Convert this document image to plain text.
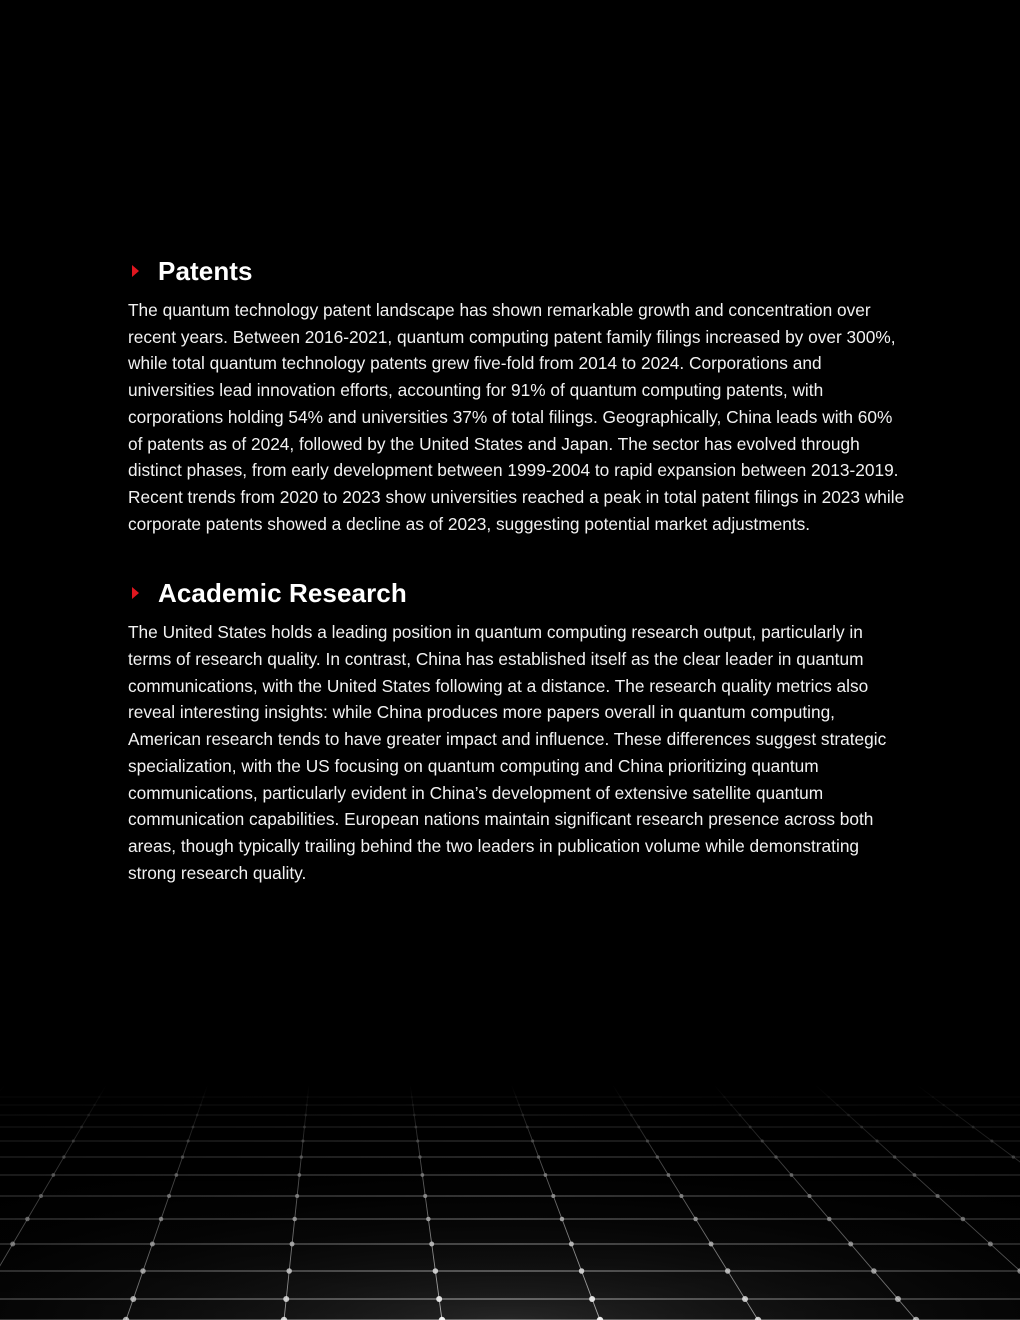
Patents

The quantum technology patent landscape has shown remarkable growth and concentration over recent years. Between 2016-2021, quantum computing patent family filings increased by over 300%, while total quantum technology patents grew five-fold from 2014 to 2024. Corporations and universities lead innovation efforts, accounting for 91% of quantum computing patents, with corporations holding 54% and universities 37% of total filings. Geographically, China leads with 60% of patents as of 2024, followed by the United States and Japan. The sector has evolved through distinct phases, from early development between 1999-2004 to rapid expansion between 2013-2019. Recent trends from 2020 to 2023 show universities reached a peak in total patent filings in 2023 while corporate patents showed a decline as of 2023, suggesting potential market adjustments.

Academic Research

The United States holds a leading position in quantum computing research output, particularly in terms of research quality. In contrast, China has established itself as the clear leader in quantum communications, with the United States following at a distance. The research quality metrics also reveal interesting insights: while China produces more papers overall in quantum computing, American research tends to have greater impact and influence. These differences suggest strategic specialization, with the US focusing on quantum computing and China prioritizing quantum communications, particularly evident in China’s development of extensive satellite quantum communication capabilities. European nations maintain significant research presence across both areas, though typically trailing behind the two leaders in publication volume while demonstrating strong research quality.
